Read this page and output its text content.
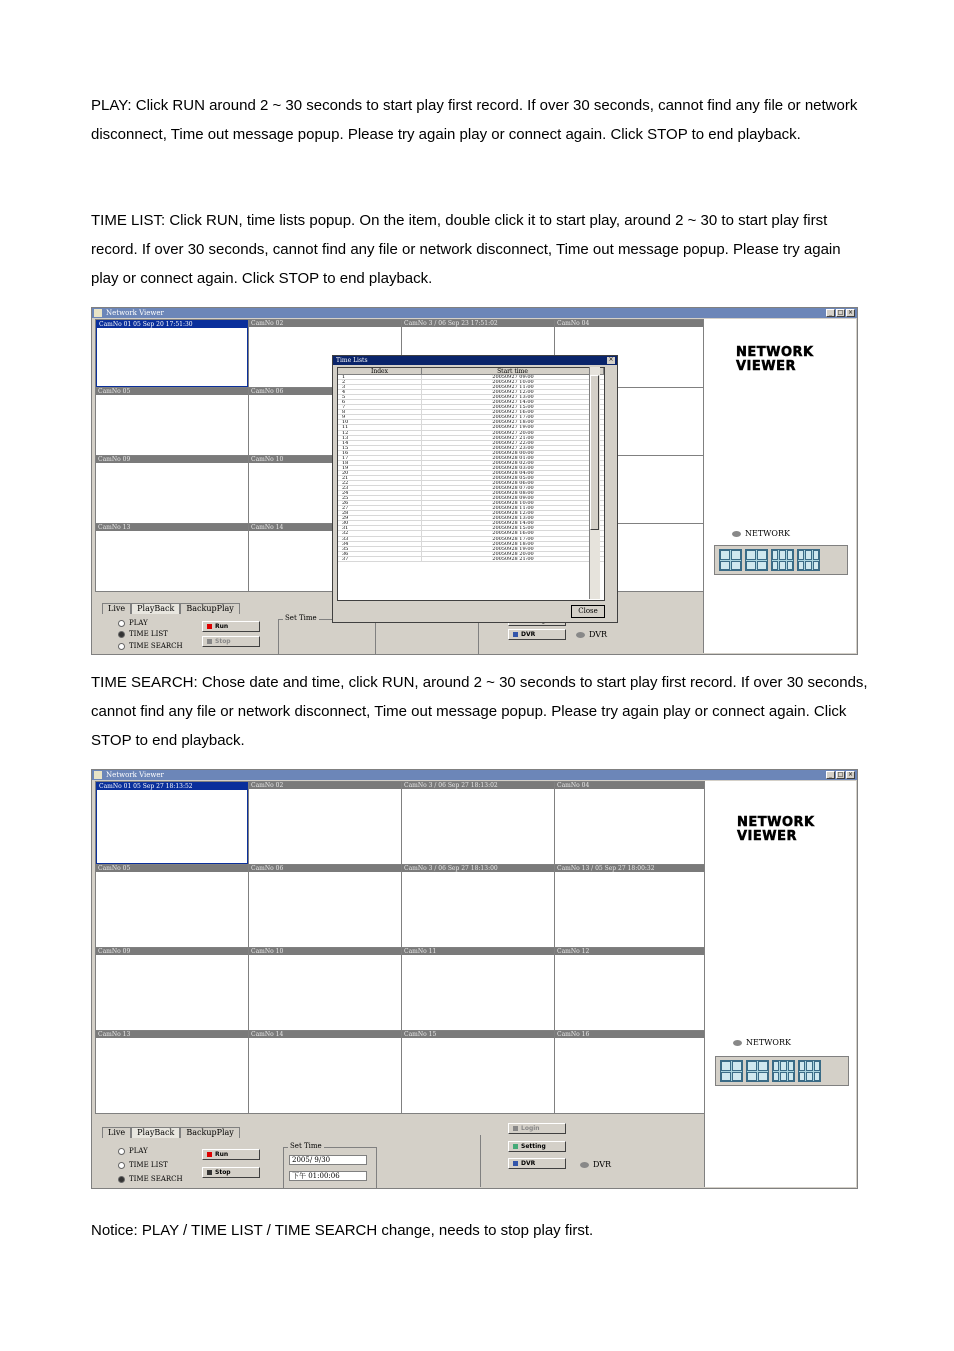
PLAY: Click RUN around 2 ~ 30 seconds to start play first record. If over 30 seconds, cannot find any file or network disconnect, Time out message popup. Please try again play or connect again. Click STOP to end playback.

TIME LIST: Click RUN, time lists popup. On the item, double click it to start play, around 2 ~ 30 to start play first record. If over 30 seconds, cannot find any file or network disconnect, Time out message popup. Please try again play or connect again. Click STOP to end playback.

Network Viewer	_ □ ×
CamNo 01 05 Sep 20 17:51:30	CamNo 02	CamNo 3 / 06 Sep 23 17:51:02	CamNo 04
CamNo 05	CamNo 06
CamNo 09	CamNo 10
CamNo 13	CamNo 14
NETWORK
VIEWER
NETWORK
Live	PlayBack	BackupPlay
PLAY
TIME LIST
TIME SEARCH
Run
Stop
Set Time
DVR	DVR
Time Lists	×
Index	Start time
1	20050927 09:00
2	20050927 10:00
3	20050927 11:00
4	20050927 12:00
5	20050927 13:00
6	20050927 14:00
7	20050927 15:00
8	20050927 16:00
9	20050927 17:00
10	20050927 18:00
11	20050927 19:00
12	20050927 20:00
13	20050927 21:00
14	20050927 22:00
15	20050927 23:00
16	20050928 00:00
17	20050928 01:00
18	20050928 02:00
19	20050928 03:00
20	20050928 04:00
21	20050928 05:00
22	20050928 06:00
23	20050928 07:00
24	20050928 08:00
25	20050928 09:00
26	20050928 10:00
27	20050928 11:00
28	20050928 12:00
29	20050928 13:00
30	20050928 14:00
31	20050928 15:00
32	20050928 16:00
33	20050928 17:00
34	20050928 18:00
35	20050928 19:00
36	20050928 20:00
37	20050928 21:00
Close

TIME SEARCH: Chose date and time, click RUN, around 2 ~ 30 seconds to start play first record. If over 30 seconds, cannot find any file or network disconnect, Time out message popup. Please try again play or connect again. Click STOP to end playback.

Network Viewer	_ □ ×
CamNo 01 05 Sep 27 18:13:52	CamNo 02	CamNo 3 / 06 Sep 27 18:13:02	CamNo 04
CamNo 05	CamNo 06	CamNo 3 / 06 Sep 27 18:13:00	CamNo 13 / 05 Sep 27 18:00:32
CamNo 09	CamNo 10	CamNo 11	CamNo 12
CamNo 13	CamNo 14	CamNo 15	CamNo 16
NETWORK
VIEWER
NETWORK
Live	PlayBack	BackupPlay
PLAY
TIME LIST
TIME SEARCH
Run
Stop
Set Time
2005/ 9/30
下午 01:00:06
Login
Setting
DVR	DVR

Notice: PLAY / TIME LIST / TIME SEARCH change, needs to stop play first.
